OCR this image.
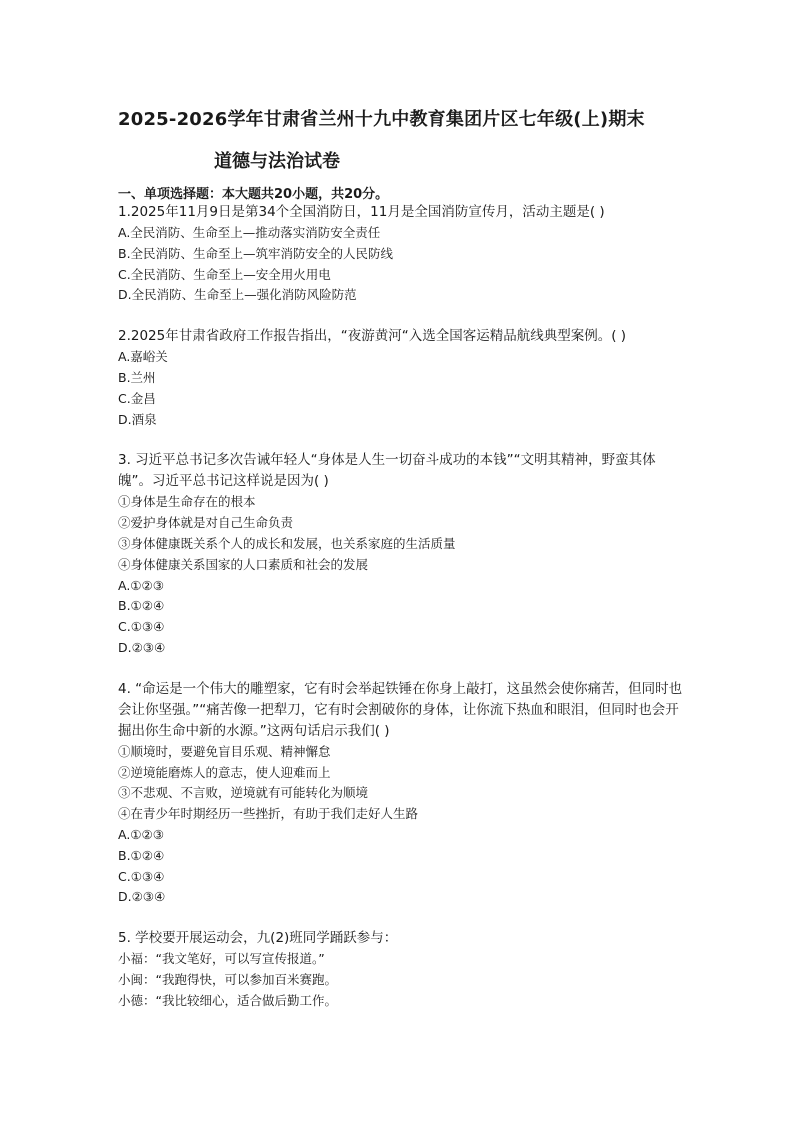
2025-2026学年甘肃省兰州十九中教育集团片区七年级(上)期末
道德与法治试卷
一、单项选择题：本大题共20小题，共20分。

1.2025年11月9日是第34个全国消防日，11月是全国消防宣传月，活动主题是( )

A.全民消防、生命至上—推动落实消防安全责任

B.全民消防、生命至上—筑牢消防安全的人民防线

C.全民消防、生命至上—安全用火用电

D.全民消防、生命至上—强化消防风险防范

2.2025年甘肃省政府工作报告指出，“夜游黄河“入选全国客运精品航线典型案例。( )

A.嘉峪关

B.兰州

C.金昌

D.酒泉

3. 习近平总书记多次告诫年轻人“身体是人生一切奋斗成功的本钱”“文明其精神，野蛮其体魄”。习近平总书记这样说是因为( )

①身体是生命存在的根本

②爱护身体就是对自己生命负责

③身体健康既关系个人的成长和发展，也关系家庭的生活质量

④身体健康关系国家的人口素质和社会的发展

A.①②③

B.①②④

C.①③④

D.②③④

4. “命运是一个伟大的雕塑家，它有时会举起铁锤在你身上敲打，这虽然会使你痛苦，但同时也会让你坚强。”“痛苦像一把犁刀，它有时会割破你的身体，让你流下热血和眼泪，但同时也会开掘出你生命中新的水源。”这两句话启示我们( )

①顺境时，要避免盲目乐观、精神懈怠

②逆境能磨炼人的意志，使人迎难而上

③不悲观、不言败，逆境就有可能转化为顺境

④在青少年时期经历一些挫折，有助于我们走好人生路

A.①②③

B.①②④

C.①③④

D.②③④

5. 学校要开展运动会，九(2)班同学踊跃参与：

小福：“我文笔好，可以写宣传报道。”

小闽：“我跑得快，可以参加百米赛跑。

小德：“我比较细心，适合做后勤工作。
